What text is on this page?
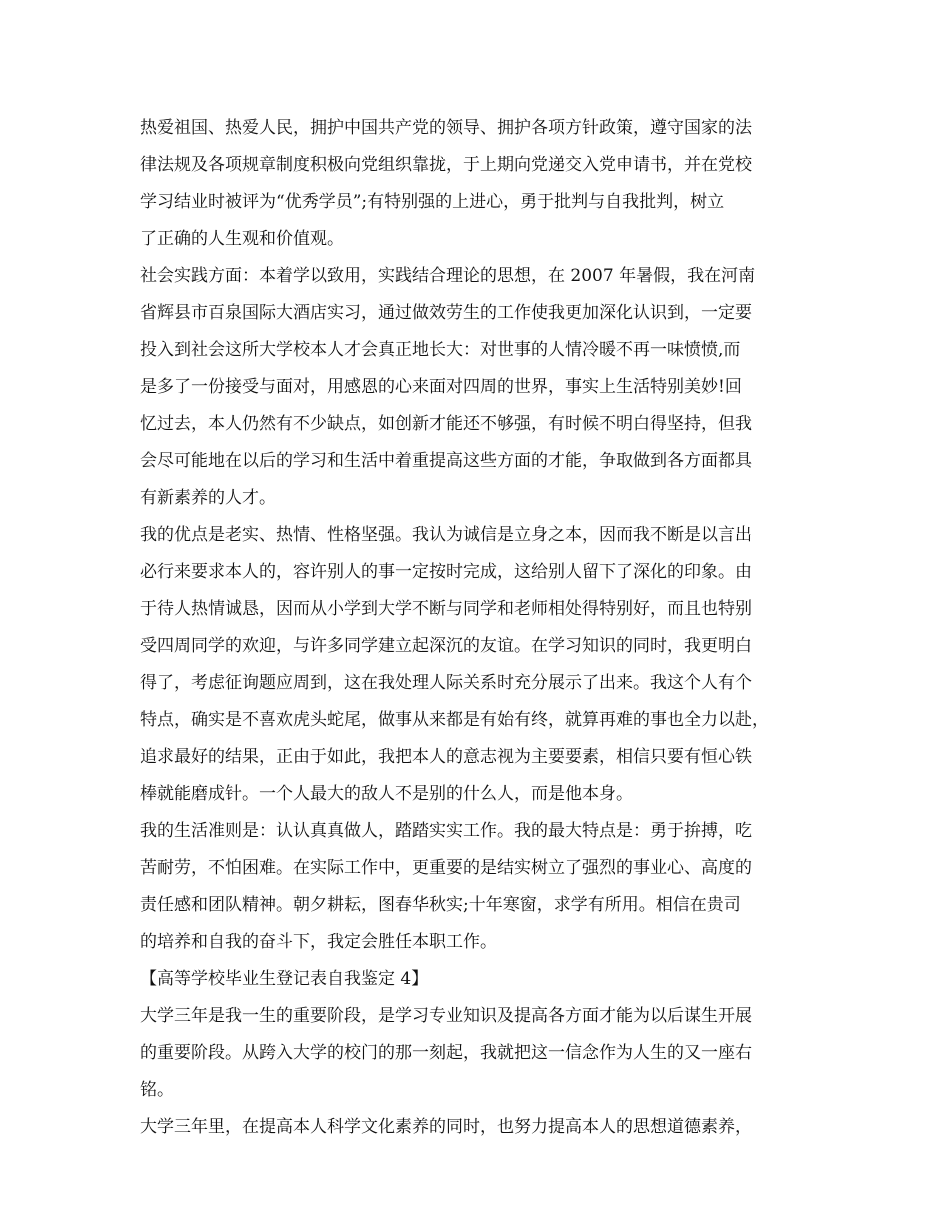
热爱祖国、热爱人民，拥护中国共产党的领导、拥护各项方针政策，遵守国家的法
律法规及各项规章制度积极向党组织靠拢，于上期向党递交入党申请书，并在党校
学习结业时被评为“优秀学员”;有特别强的上进心，勇于批判与自我批判，树立
了正确的人生观和价值观。
社会实践方面：本着学以致用，实践结合理论的思想，在 2007 年暑假，我在河南
省辉县市百泉国际大酒店实习，通过做效劳生的工作使我更加深化认识到，一定要
投入到社会这所大学校本人才会真正地长大：对世事的人情冷暖不再一味愤愤,而
是多了一份接受与面对，用感恩的心来面对四周的世界，事实上生活特别美妙!回
忆过去，本人仍然有不少缺点，如创新才能还不够强，有时候不明白得坚持，但我
会尽可能地在以后的学习和生活中着重提高这些方面的才能，争取做到各方面都具
有新素养的人才。
我的优点是老实、热情、性格坚强。我认为诚信是立身之本，因而我不断是以言出
必行来要求本人的，容许别人的事一定按时完成，这给别人留下了深化的印象。由
于待人热情诚恳，因而从小学到大学不断与同学和老师相处得特别好，而且也特别
受四周同学的欢迎，与许多同学建立起深沉的友谊。在学习知识的同时，我更明白
得了，考虑征询题应周到，这在我处理人际关系时充分展示了出来。我这个人有个
特点，确实是不喜欢虎头蛇尾，做事从来都是有始有终，就算再难的事也全力以赴，
追求最好的结果，正由于如此，我把本人的意志视为主要要素，相信只要有恒心铁
棒就能磨成针。一个人最大的敌人不是别的什么人，而是他本身。
我的生活准则是：认认真真做人，踏踏实实工作。我的最大特点是：勇于拚搏，吃
苦耐劳，不怕困难。在实际工作中，更重要的是结实树立了强烈的事业心、高度的
责任感和团队精神。朝夕耕耘，图春华秋实;十年寒窗，求学有所用。相信在贵司
的培养和自我的奋斗下，我定会胜任本职工作。
【高等学校毕业生登记表自我鉴定 4】
大学三年是我一生的重要阶段，是学习专业知识及提高各方面才能为以后谋生开展
的重要阶段。从跨入大学的校门的那一刻起，我就把这一信念作为人生的又一座右
铭。
大学三年里，在提高本人科学文化素养的同时，也努力提高本人的思想道德素养，
